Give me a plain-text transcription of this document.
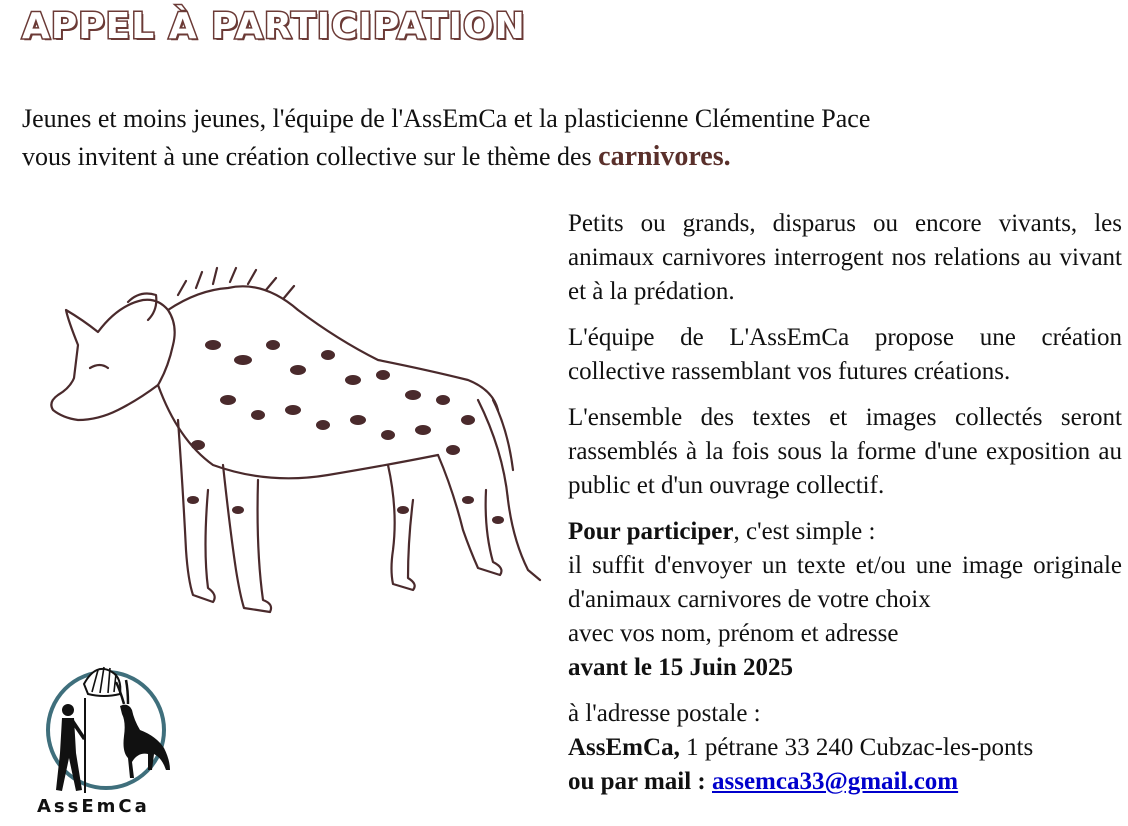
APPEL À PARTICIPATION

Jeunes et moins jeunes, l'équipe de l'AssEmCa et la plasticienne Clémentine Pace
vous invitent à une création collective sur le thème des carnivores.

Petits ou grands, disparus ou encore vivants, les animaux carnivores interrogent nos relations au vivant et à la prédation.

L'équipe de L'AssEmCa propose une création collective rassemblant vos futures créations.

L'ensemble des textes et images collectés seront rassemblés à la fois sous la forme d'une exposition au public et d'un ouvrage collectif.

Pour participer, c'est simple :

il suffit d'envoyer un texte et/ou une image originale d'animaux carnivores de votre choix
avec vos nom, prénom et adresse
avant le 15 Juin 2025

à l'adresse postale :
AssEmCa, 1 pétrane 33 240 Cubzac-les-ponts
ou par mail : assemca33@gmail.com

AssEmCa
